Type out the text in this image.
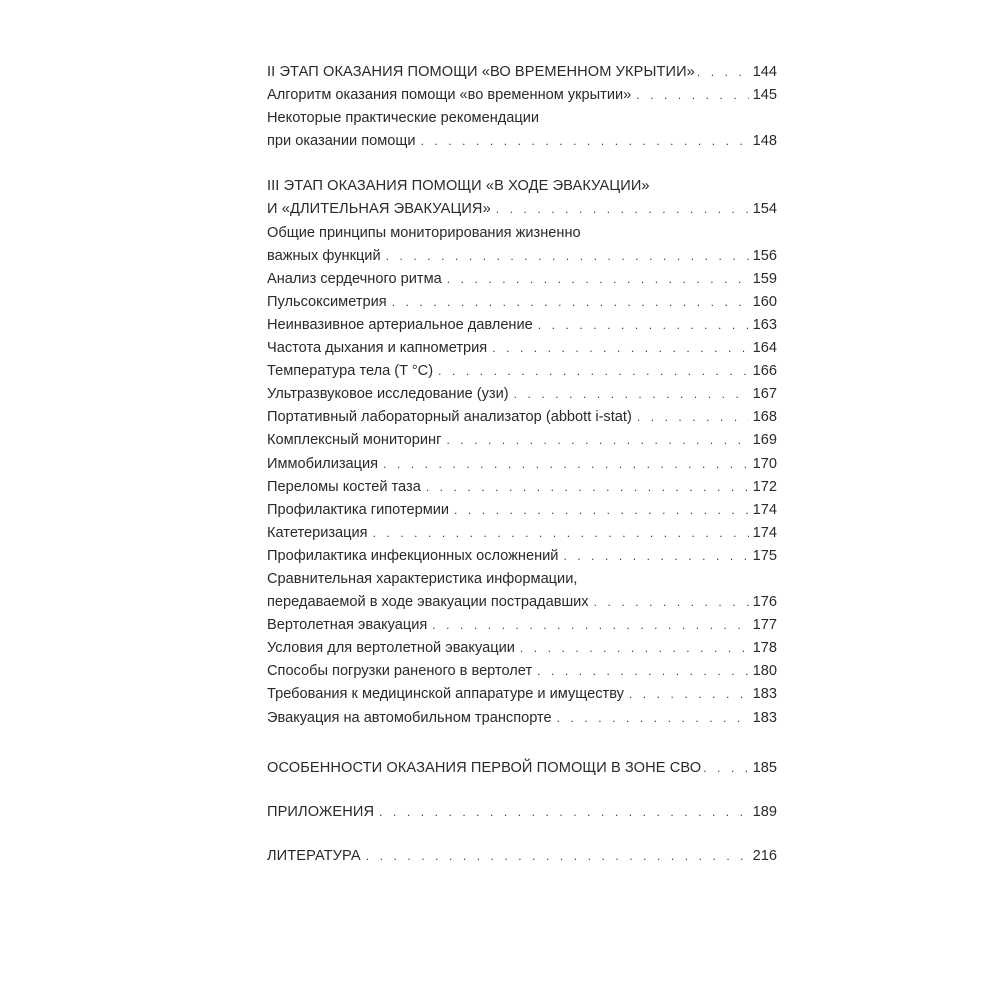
II ЭТАП ОКАЗАНИЯ ПОМОЩИ «ВО ВРЕМЕННОМ УКРЫТИИ» . . .	144
Алгоритм оказания помощи «во временном укрытии» . . .	145
Некоторые практические рекомендации
при оказании помощи . . .	148
III ЭТАП ОКАЗАНИЯ ПОМОЩИ «В ХОДЕ ЭВАКУАЦИИ»
И «ДЛИТЕЛЬНАЯ ЭВАКУАЦИЯ» . . .	154
Общие принципы мониторирования жизненно
важных функций . . .	156
Анализ сердечного ритма . . .	159
Пульсоксиметрия . . .	160
Неинвазивное артериальное давление . . .	163
Частота дыхания и капнометрия . . .	164
Температура тела (T °С) . . .	166
Ультразвуковое исследование (узи) . . .	167
Портативный лабораторный анализатор (abbott i-stat) . . .	168
Комплексный мониторинг . . .	169
Иммобилизация . . .	170
Переломы костей таза . . .	172
Профилактика гипотермии . . .	174
Катетеризация . . .	174
Профилактика инфекционных осложнений . . .	175
Сравнительная характеристика информации,
передаваемой в ходе эвакуации пострадавших . . .	176
Вертолетная эвакуация . . .	177
Условия для вертолетной эвакуации . . .	178
Способы погрузки раненого в вертолет . . .	180
Требования к медицинской аппаратуре и имуществу . . .	183
Эвакуация на автомобильном транспорте . . .	183
ОСОБЕННОСТИ ОКАЗАНИЯ ПЕРВОЙ ПОМОЩИ В ЗОНЕ СВО . . .	185
ПРИЛОЖЕНИЯ . . .	189
ЛИТЕРАТУРА . . .	216
